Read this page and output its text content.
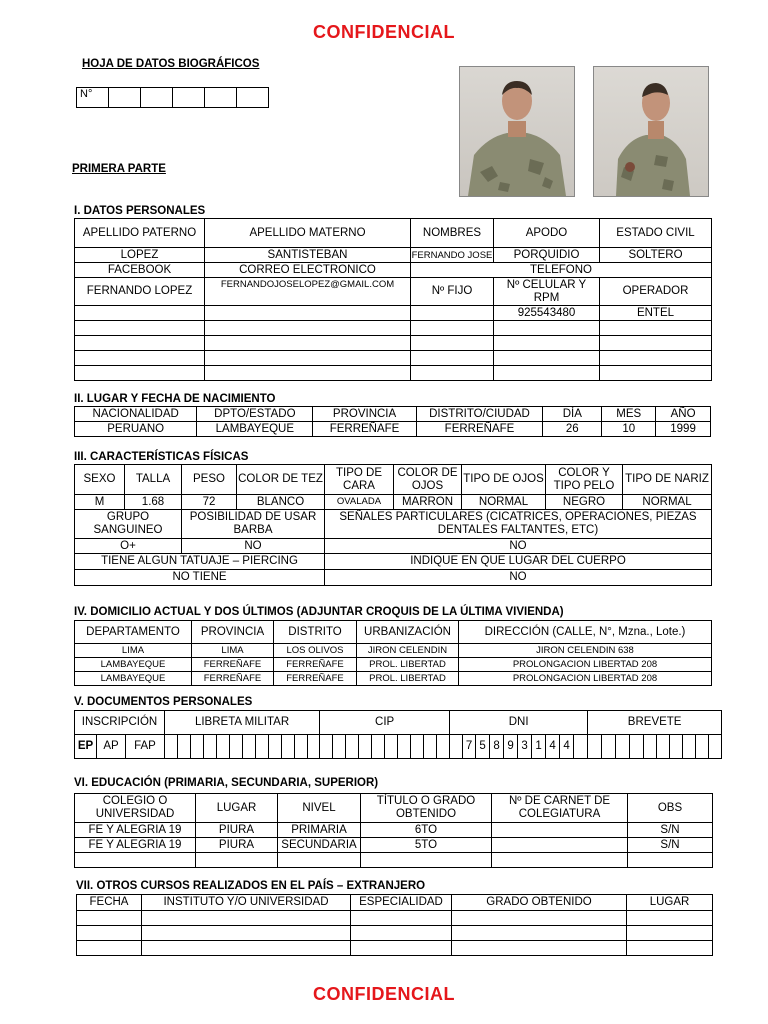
CONFIDENCIAL
HOJA DE DATOS BIOGRÁFICOS
N°					
PRIMERA PARTE
I. DATOS PERSONALES
APELLIDO PATERNO	APELLIDO MATERNO	NOMBRES	APODO	ESTADO CIVIL
LOPEZ	SANTISTEBAN	FERNANDO JOSE	PORQUIDIO	SOLTERO
FACEBOOK	CORREO ELECTRONICO	TELEFONO		
FERNANDO LOPEZ	FERNANDOJOSELOPEZ@GMAIL.COM	Nº FIJO	Nº CELULAR Y RPM	OPERADOR
			925543480	ENTEL

II. LUGAR Y FECHA DE NACIMIENTO
NACIONALIDAD	DPTO/ESTADO	PROVINCIA	DISTRITO/CIUDAD	DÍA	MES	AÑO
PERUANO	LAMBAYEQUE	FERREÑAFE	FERREÑAFE	26	10	1999
III. CARACTERÍSTICAS FÍSICAS
SEXO	TALLA	PESO	COLOR DE TEZ	TIPO DE CARA	COLOR DE OJOS	TIPO DE OJOS	COLOR Y TIPO PELO	TIPO DE NARIZ
M	1.68	72	BLANCO	OVALADA	MARRON	NORMAL	NEGRO	NORMAL
GRUPO SANGUINEO		POSIBILIDAD DE USAR BARBA		SEÑALES PARTICULARES (CICATRICES, OPERACIONES, PIEZAS DENTALES FALTANTES, ETC)				
O+		NO		NO				
TIENE ALGUN TATUAJE – PIERCING				INDIQUE EN QUE LUGAR DEL CUERPO				
NO TIENE				NO				
IV. DOMICILIO ACTUAL Y DOS ÚLTIMOS (ADJUNTAR CROQUIS DE LA ÚLTIMA VIVIENDA)
DEPARTAMENTO	PROVINCIA	DISTRITO	URBANIZACIÓN	DIRECCIÓN (CALLE, N°, Mzna., Lote.)
LIMA	LIMA	LOS OLIVOS	JIRON CELENDIN	JIRON CELENDIN 638
LAMBAYEQUE	FERREÑAFE	FERREÑAFE	PROL. LIBERTAD	PROLONGACION LIBERTAD 208
LAMBAYEQUE	FERREÑAFE	FERREÑAFE	PROL. LIBERTAD	PROLONGACION LIBERTAD 208
V. DOCUMENTOS PERSONALES
INSCRIPCIÓN			LIBRETA MILITAR												CIP										DNI										BREVETE									
EP	AP	FAP																								7	5	8	9	3	1	4	4											
VI. EDUCACIÓN (PRIMARIA, SECUNDARIA, SUPERIOR)
COLEGIO O UNIVERSIDAD	LUGAR	NIVEL	TÍTULO O GRADO OBTENIDO	Nº DE CARNET DE COLEGIATURA	OBS
FE Y ALEGRIA 19	PIURA	PRIMARIA	6TO		S/N
FE Y ALEGRIA 19	PIURA	SECUNDARIA	5TO		S/N

VII. OTROS CURSOS REALIZADOS EN EL PAÍS – EXTRANJERO
FECHA	INSTITUTO Y/O UNIVERSIDAD	ESPECIALIDAD	GRADO OBTENIDO	LUGAR

CONFIDENCIAL
